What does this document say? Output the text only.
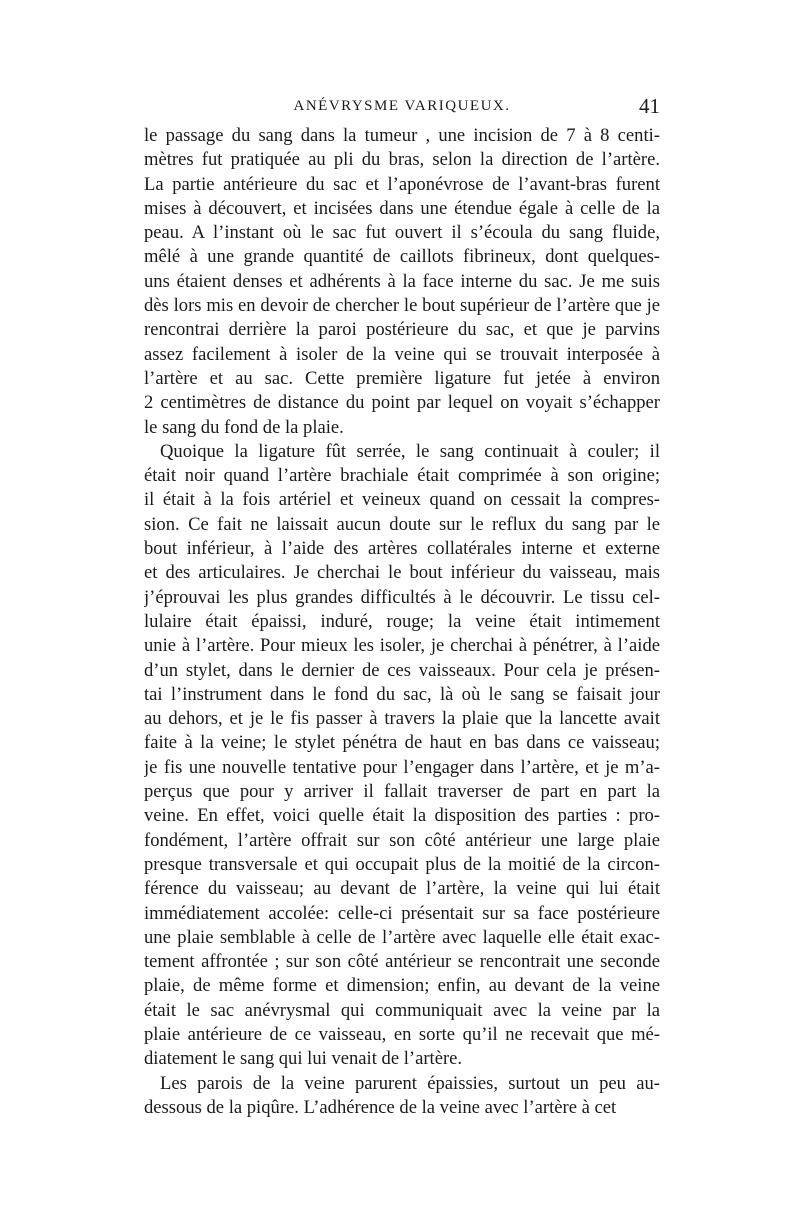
ANÉVRYSME VARIQUEUX.	41
le passage du sang dans la tumeur , une incision de 7 à 8 centi-
mètres fut pratiquée au pli du bras, selon la direction de l’artère.
La partie antérieure du sac et l’aponévrose de l’avant-bras furent
mises à découvert, et incisées dans une étendue égale à celle de la
peau. A l’instant où le sac fut ouvert il s’écoula du sang fluide,
mêlé à une grande quantité de caillots fibrineux, dont quelques-
uns étaient denses et adhérents à la face interne du sac. Je me suis
dès lors mis en devoir de chercher le bout supérieur de l’artère que je
rencontrai derrière la paroi postérieure du sac, et que je parvins
assez facilement à isoler de la veine qui se trouvait interposée à
l’artère et au sac. Cette première ligature fut jetée à environ
2 centimètres de distance du point par lequel on voyait s’échapper
le sang du fond de la plaie.
Quoique la ligature fût serrée, le sang continuait à couler; il
était noir quand l’artère brachiale était comprimée à son origine;
il était à la fois artériel et veineux quand on cessait la compres-
sion. Ce fait ne laissait aucun doute sur le reflux du sang par le
bout inférieur, à l’aide des artères collatérales interne et externe
et des articulaires. Je cherchai le bout inférieur du vaisseau, mais
j’éprouvai les plus grandes difficultés à le découvrir. Le tissu cel-
lulaire était épaissi, induré, rouge; la veine était intimement
unie à l’artère. Pour mieux les isoler, je cherchai à pénétrer, à l’aide
d’un stylet, dans le dernier de ces vaisseaux. Pour cela je présen-
tai l’instrument dans le fond du sac, là où le sang se faisait jour
au dehors, et je le fis passer à travers la plaie que la lancette avait
faite à la veine; le stylet pénétra de haut en bas dans ce vaisseau;
je fis une nouvelle tentative pour l’engager dans l’artère, et je m’a-
perçus que pour y arriver il fallait traverser de part en part la
veine. En effet, voici quelle était la disposition des parties : pro-
fondément, l’artère offrait sur son côté antérieur une large plaie
presque transversale et qui occupait plus de la moitié de la circon-
férence du vaisseau; au devant de l’artère, la veine qui lui était
immédiatement accolée: celle-ci présentait sur sa face postérieure
une plaie semblable à celle de l’artère avec laquelle elle était exac-
tement affrontée ; sur son côté antérieur se rencontrait une seconde
plaie, de même forme et dimension; enfin, au devant de la veine
était le sac anévrysmal qui communiquait avec la veine par la
plaie antérieure de ce vaisseau, en sorte qu’il ne recevait que mé-
diatement le sang qui lui venait de l’artère.
Les parois de la veine parurent épaissies, surtout un peu au-
dessous de la piqûre. L’adhérence de la veine avec l’artère à cet
